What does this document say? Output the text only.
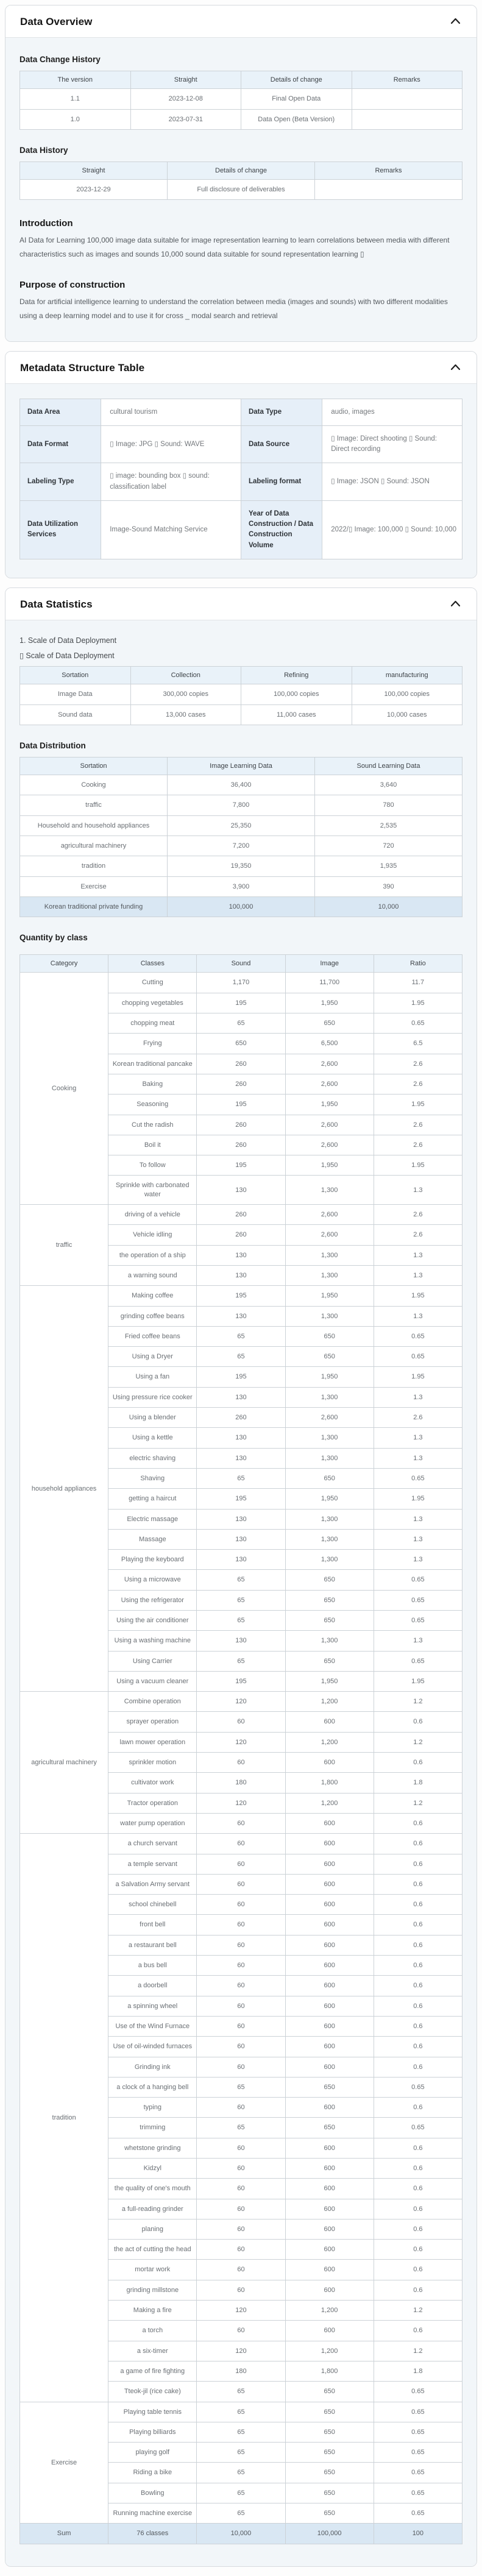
Data Overview
Data Change History
The version	Straight	Details of change	Remarks
1.1	2023-12-08	Final Open Data	
1.0	2023-07-31	Data Open (Beta Version)	
Data History
Straight	Details of change	Remarks
2023-12-29	Full disclosure of deliverables	
Introduction

AI Data for Learning 100,000 image data suitable for image representation learning to learn correlations between media with different characteristics such as images and sounds 10,000 sound data suitable for sound representation learning ▯

Purpose of construction

Data for artificial intelligence learning to understand the correlation between media (images and sounds) with two different modalities using a deep learning model and to use it for cross _ modal search and retrieval

Metadata Structure Table
Data Area	cultural tourism	Data Type	audio, images
Data Format	▯ Image: JPG ▯ Sound: WAVE	Data Source	▯ Image: Direct shooting ▯ Sound: Direct recording
Labeling Type	▯ image: bounding box ▯ sound: classification label	Labeling format	▯ Image: JSON ▯ Sound: JSON
Data Utilization Services	Image-Sound Matching Service	Year of Data Construction / Data Construction Volume	2022/▯ Image: 100,000 ▯ Sound: 10,000
Data Statistics
1. Scale of Data Deployment
▯ Scale of Data Deployment
Sortation	Collection	Refining	manufacturing
Image Data	300,000 copies	100,000 copies	100,000 copies
Sound data	13,000 cases	11,000 cases	10,000 cases
Data Distribution
Sortation	Image Learning Data	Sound Learning Data
Cooking	36,400	3,640
traffic	7,800	780
Household and household appliances	25,350	2,535
agricultural machinery	7,200	720
tradition	19,350	1,935
Exercise	3,900	390
Korean traditional private funding	100,000	10,000
Quantity by class
Category	Classes	Sound	Image	Ratio
Cooking	Cutting	1,170	11,700	11.7
	chopping vegetables	195	1,950	1.95
	chopping meat	65	650	0.65
	Frying	650	6,500	6.5
	Korean traditional pancake	260	2,600	2.6
	Baking	260	2,600	2.6
	Seasoning	195	1,950	1.95
	Cut the radish	260	2,600	2.6
	Boil it	260	2,600	2.6
	To follow	195	1,950	1.95
	Sprinkle with carbonated water	130	1,300	1.3
traffic	driving of a vehicle	260	2,600	2.6
	Vehicle idling	260	2,600	2.6
	the operation of a ship	130	1,300	1.3
	a warning sound	130	1,300	1.3
household appliances	Making coffee	195	1,950	1.95
	grinding coffee beans	130	1,300	1.3
	Fried coffee beans	65	650	0.65
	Using a Dryer	65	650	0.65
	Using a fan	195	1,950	1.95
	Using pressure rice cooker	130	1,300	1.3
	Using a blender	260	2,600	2.6
	Using a kettle	130	1,300	1.3
	electric shaving	130	1,300	1.3
	Shaving	65	650	0.65
	getting a haircut	195	1,950	1.95
	Electric massage	130	1,300	1.3
	Massage	130	1,300	1.3
	Playing the keyboard	130	1,300	1.3
	Using a microwave	65	650	0.65
	Using the refrigerator	65	650	0.65
	Using the air conditioner	65	650	0.65
	Using a washing machine	130	1,300	1.3
	Using Carrier	65	650	0.65
	Using a vacuum cleaner	195	1,950	1.95
agricultural machinery	Combine operation	120	1,200	1.2
	sprayer operation	60	600	0.6
	lawn mower operation	120	1,200	1.2
	sprinkler motion	60	600	0.6
	cultivator work	180	1,800	1.8
	Tractor operation	120	1,200	1.2
	water pump operation	60	600	0.6
tradition	a church servant	60	600	0.6
	a temple servant	60	600	0.6
	a Salvation Army servant	60	600	0.6
	school chinebell	60	600	0.6
	front bell	60	600	0.6
	a restaurant bell	60	600	0.6
	a bus bell	60	600	0.6
	a doorbell	60	600	0.6
	a spinning wheel	60	600	0.6
	Use of the Wind Furnace	60	600	0.6
	Use of oil-winded furnaces	60	600	0.6
	Grinding ink	60	600	0.6
	a clock of a hanging bell	65	650	0.65
	typing	60	600	0.6
	trimming	65	650	0.65
	whetstone grinding	60	600	0.6
	Kidzyl	60	600	0.6
	the quality of one's mouth	60	600	0.6
	a full-reading grinder	60	600	0.6
	planing	60	600	0.6
	the act of cutting the head	60	600	0.6
	mortar work	60	600	0.6
	grinding millstone	60	600	0.6
	Making a fire	120	1,200	1.2
	a torch	60	600	0.6
	a six-timer	120	1,200	1.2
	a game of fire fighting	180	1,800	1.8
	Tteok-jil (rice cake)	65	650	0.65
Exercise	Playing table tennis	65	650	0.65
	Playing billiards	65	650	0.65
	playing golf	65	650	0.65
	Riding a bike	65	650	0.65
	Bowling	65	650	0.65
	Running machine exercise	65	650	0.65
Sum	76 classes	10,000	100,000	100
